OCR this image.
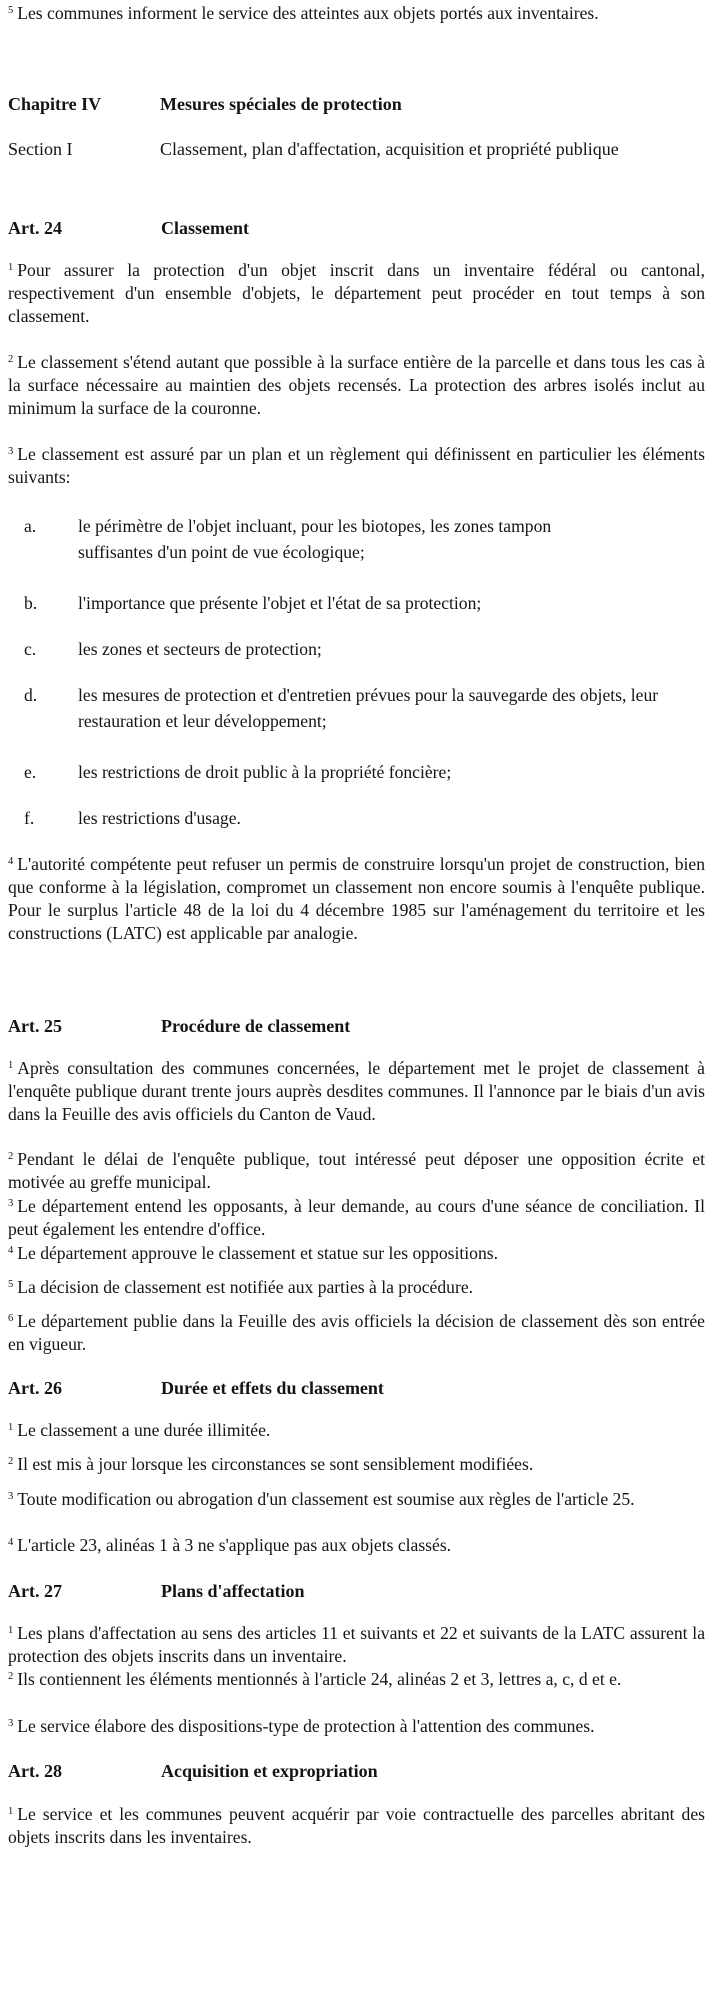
$^5$ Les communes informent le service des atteintes aux objets portés aux inventaires.

Chapitre IV	Mesures spéciales de protection
Section I	Classement, plan d'affectation, acquisition et propriété publique
Art. 24	Classement

$^1$ Pour assurer la protection d'un objet inscrit dans un inventaire fédéral ou cantonal, respectivement d'un ensemble d'objets, le département peut procéder en tout temps à son classement.

$^2$ Le classement s'étend autant que possible à la surface entière de la parcelle et dans tous les cas à la surface nécessaire au maintien des objets recensés. La protection des arbres isolés inclut au minimum la surface de la couronne.

$^3$ Le classement est assuré par un plan et un règlement qui définissent en particulier les éléments suivants:

a. le périmètre de l'objet incluant, pour les biotopes, les zones tampon suffisantes d'un point de vue écologique;
b. l'importance que présente l'objet et l'état de sa protection;
c. les zones et secteurs de protection;
d. les mesures de protection et d'entretien prévues pour la sauvegarde des objets, leur restauration et leur développement;
e. les restrictions de droit public à la propriété foncière;
f. les restrictions d'usage.

$^4$ L'autorité compétente peut refuser un permis de construire lorsqu'un projet de construction, bien que conforme à la législation, compromet un classement non encore soumis à l'enquête publique. Pour le surplus l'article 48 de la loi du 4 décembre 1985 sur l'aménagement du territoire et les constructions (LATC) est applicable par analogie.

Art. 25	Procédure de classement

$^1$ Après consultation des communes concernées, le département met le projet de classement à l'enquête publique durant trente jours auprès desdites communes. Il l'annonce par le biais d'un avis dans la Feuille des avis officiels du Canton de Vaud.

$^2$ Pendant le délai de l'enquête publique, tout intéressé peut déposer une opposition écrite et motivée au greffe municipal.

$^3$ Le département entend les opposants, à leur demande, au cours d'une séance de conciliation. Il peut également les entendre d'office.

$^4$ Le département approuve le classement et statue sur les oppositions.

$^5$ La décision de classement est notifiée aux parties à la procédure.

$^6$ Le département publie dans la Feuille des avis officiels la décision de classement dès son entrée en vigueur.

Art. 26	Durée et effets du classement

$^1$ Le classement a une durée illimitée.

$^2$ Il est mis à jour lorsque les circonstances se sont sensiblement modifiées.

$^3$ Toute modification ou abrogation d'un classement est soumise aux règles de l'article 25.

$^4$ L'article 23, alinéas 1 à 3 ne s'applique pas aux objets classés.

Art. 27	Plans d'affectation

$^1$ Les plans d'affectation au sens des articles 11 et suivants et 22 et suivants de la LATC assurent la protection des objets inscrits dans un inventaire.

$^2$ Ils contiennent les éléments mentionnés à l'article 24, alinéas 2 et 3, lettres a, c, d et e.

$^3$ Le service élabore des dispositions-type de protection à l'attention des communes.

Art. 28	Acquisition et expropriation

$^1$ Le service et les communes peuvent acquérir par voie contractuelle des parcelles abritant des objets inscrits dans les inventaires.
